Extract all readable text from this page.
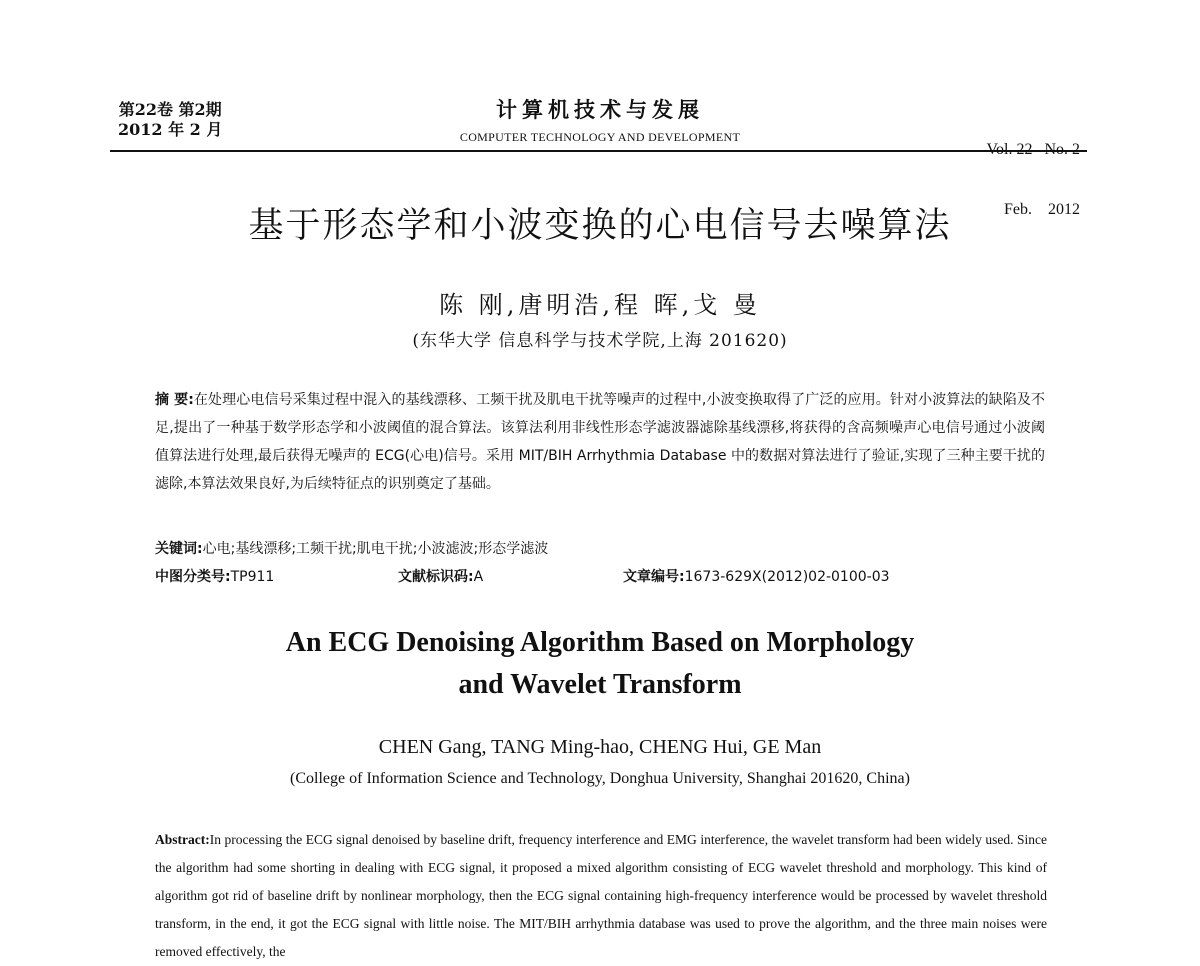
第22卷 第2期
2012 年 2 月
计算机技术与发展
COMPUTER TECHNOLOGY AND DEVELOPMENT

Vol. 22   No. 2

Feb.    2012

基于形态学和小波变换的心电信号去噪算法
陈 刚,唐明浩,程 晖,戈 曼
(东华大学 信息科学与技术学院,上海 201620)
摘 要:在处理心电信号采集过程中混入的基线漂移、工频干扰及肌电干扰等噪声的过程中,小波变换取得了广泛的应用。针对小波算法的缺陷及不足,提出了一种基于数学形态学和小波阈值的混合算法。该算法利用非线性形态学滤波器滤除基线漂移,将获得的含高频噪声心电信号通过小波阈值算法进行处理,最后获得无噪声的 ECG(心电)信号。采用 MIT/BIH Arrhythmia Database 中的数据对算法进行了验证,实现了三种主要干扰的滤除,本算法效果良好,为后续特征点的识别奠定了基础。
关键词:心电;基线漂移;工频干扰;肌电干扰;小波滤波;形态学滤波
中图分类号:TP911	文献标识码:A	文章编号:1673-629X(2012)02-0100-03
An ECG Denoising Algorithm Based on Morphology
and Wavelet Transform
CHEN Gang, TANG Ming-hao, CHENG Hui, GE Man
(College of Information Science and Technology, Donghua University, Shanghai 201620, China)
Abstract:In processing the ECG signal denoised by baseline drift, frequency interference and EMG interference, the wavelet transform had been widely used. Since the algorithm had some shorting in dealing with ECG signal, it proposed a mixed algorithm consisting of ECG wavelet threshold and morphology. This kind of algorithm got rid of baseline drift by nonlinear morphology, then the ECG signal containing high-frequency interference would be processed by wavelet threshold transform, in the end, it got the ECG signal with little noise. The MIT/BIH arrhythmia database was used to prove the algorithm, and the three main noises were removed effectively, the
